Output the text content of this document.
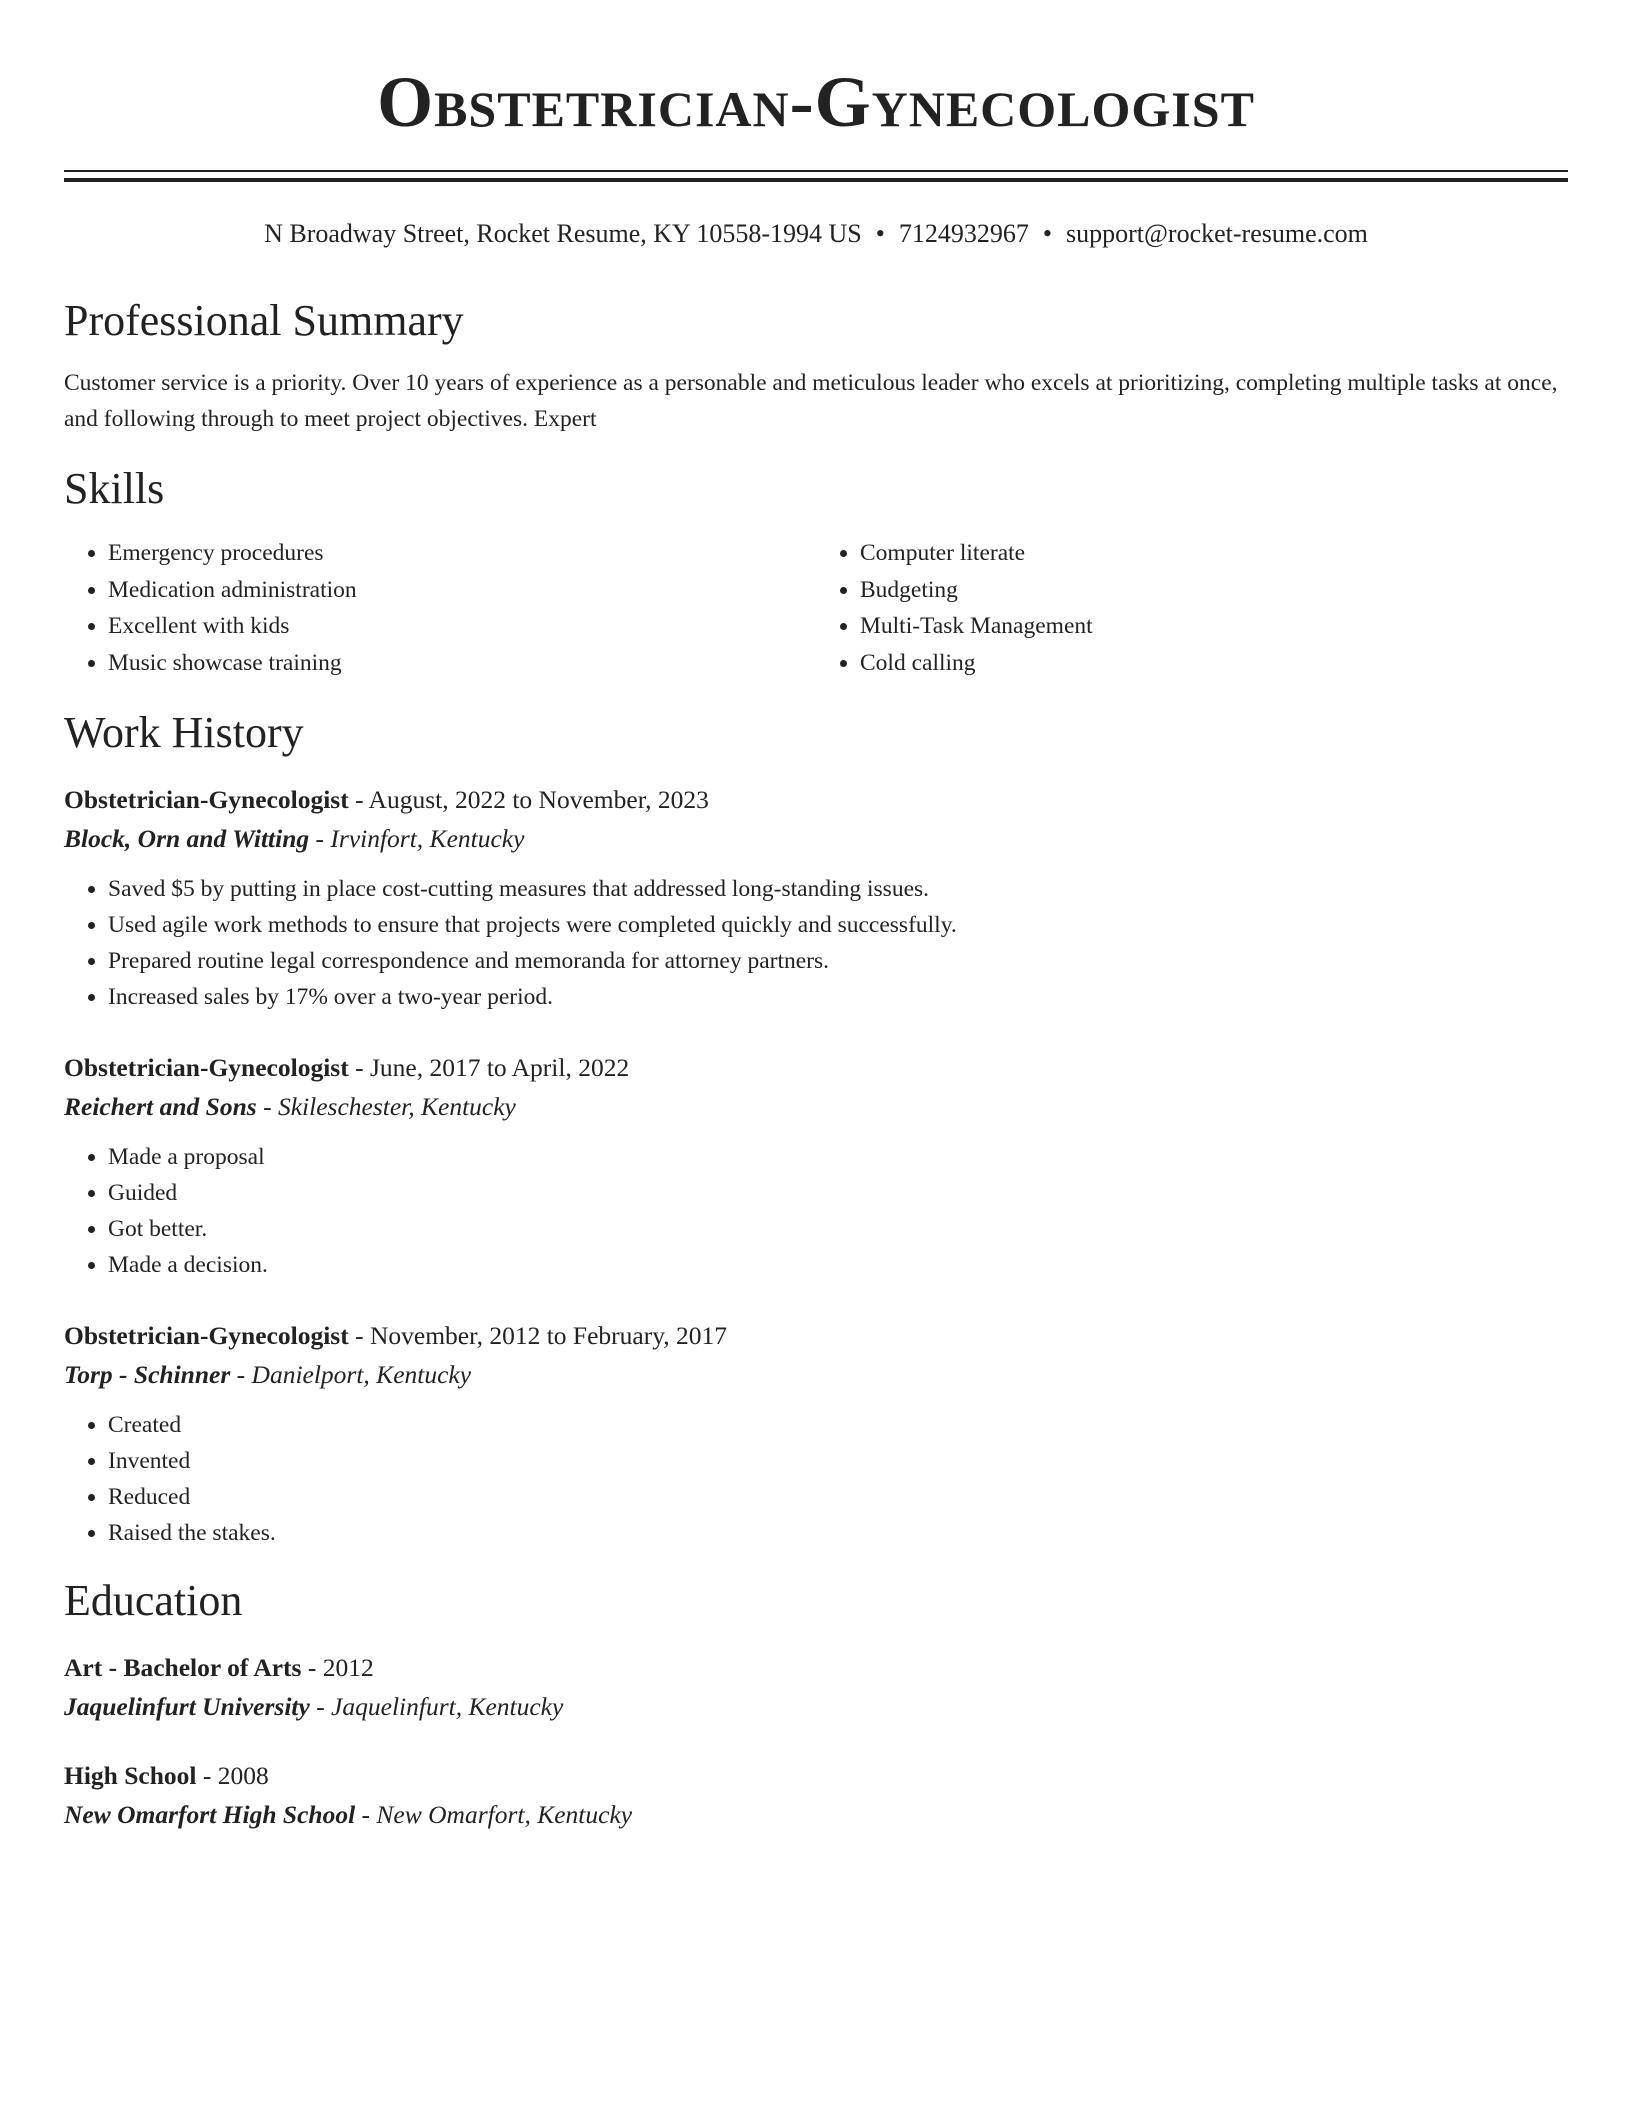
Obstetrician-Gynecologist
N Broadway Street, Rocket Resume, KY 10558-1994 US • 7124932967 • support@rocket-resume.com
Professional Summary
Customer service is a priority. Over 10 years of experience as a personable and meticulous leader who excels at prioritizing, completing multiple tasks at once, and following through to meet project objectives. Expert
Skills
• Emergency procedures
• Medication administration
• Excellent with kids
• Music showcase training
• Computer literate
• Budgeting
• Multi-Task Management
• Cold calling
Work History
Obstetrician-Gynecologist - August, 2022 to November, 2023
Block, Orn and Witting - Irvinfort, Kentucky
• Saved $5 by putting in place cost-cutting measures that addressed long-standing issues.
• Used agile work methods to ensure that projects were completed quickly and successfully.
• Prepared routine legal correspondence and memoranda for attorney partners.
• Increased sales by 17% over a two-year period.
Obstetrician-Gynecologist - June, 2017 to April, 2022
Reichert and Sons - Skileschester, Kentucky
• Made a proposal
• Guided
• Got better.
• Made a decision.
Obstetrician-Gynecologist - November, 2012 to February, 2017
Torp - Schinner - Danielport, Kentucky
• Created
• Invented
• Reduced
• Raised the stakes.
Education
Art - Bachelor of Arts - 2012
Jaquelinfurt University - Jaquelinfurt, Kentucky
High School - 2008
New Omarfort High School - New Omarfort, Kentucky
